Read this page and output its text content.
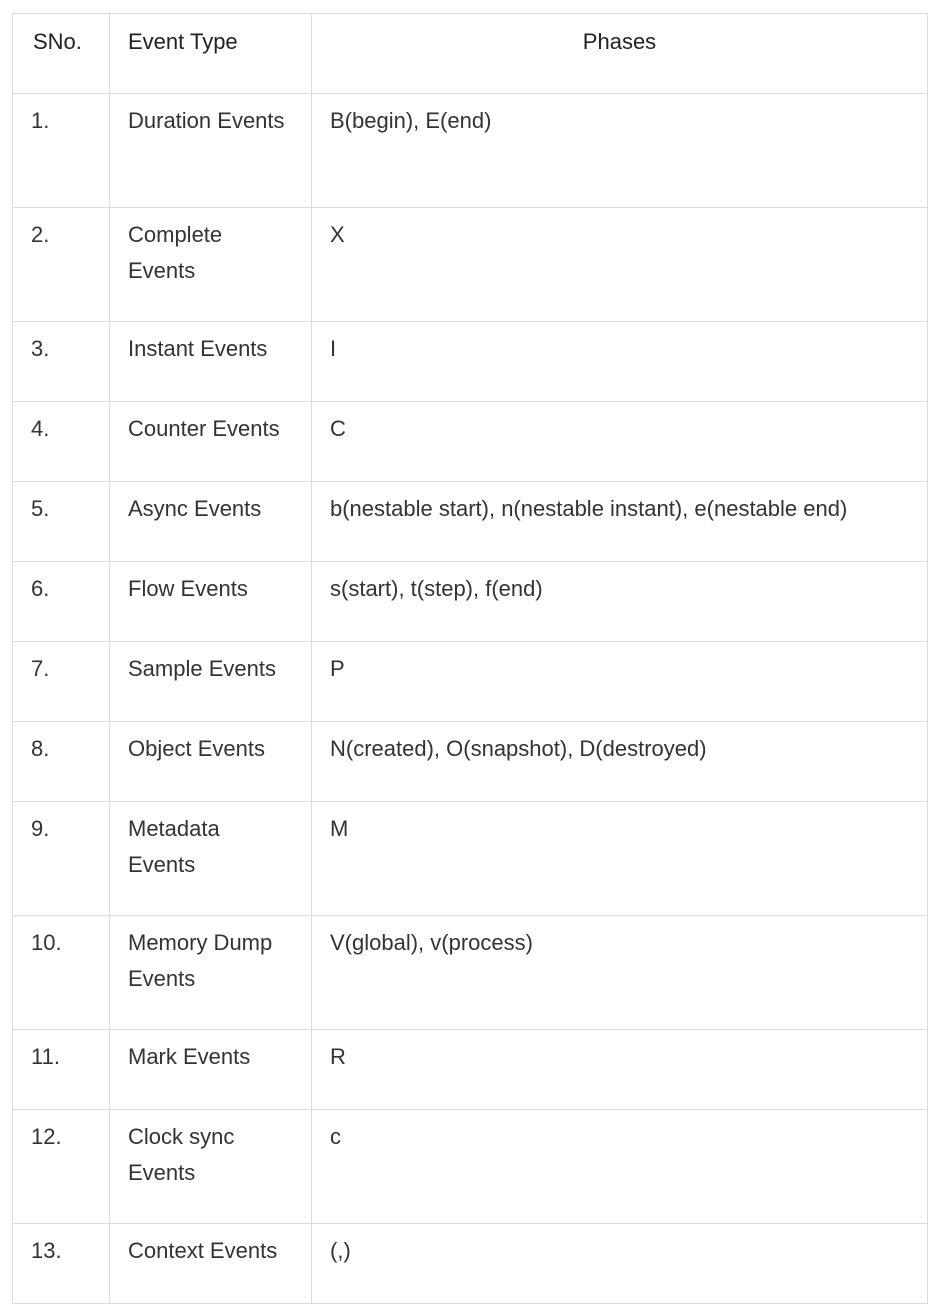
SNo.	Event Type	Phases
1.	Duration Events	B(begin), E(end)
2.	Complete Events	X
3.	Instant Events	I
4.	Counter Events	C
5.	Async Events	b(nestable start), n(nestable instant), e(nestable end)
6.	Flow Events	s(start), t(step), f(end)
7.	Sample Events	P
8.	Object Events	N(created), O(snapshot), D(destroyed)
9.	Metadata Events	M
10.	Memory Dump Events	V(global), v(process)
11.	Mark Events	R
12.	Clock sync Events	c
13.	Context Events	(,)
